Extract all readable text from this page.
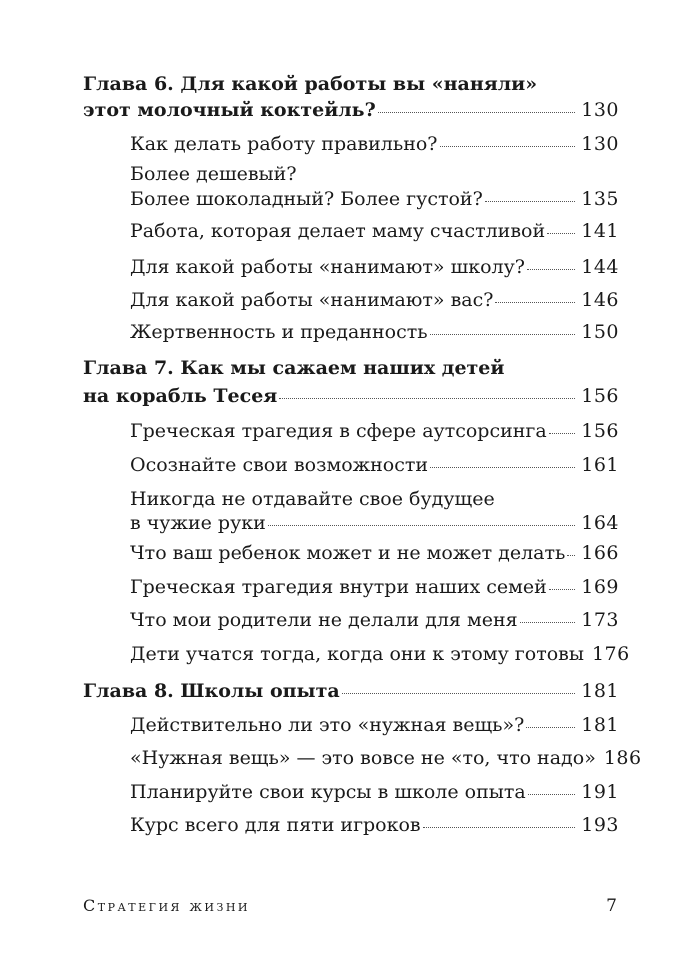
Глава 6.
Для какой работы вы «наняли»
этот молочный коктейль?	130
Как делать работу правильно?	130
Более дешевый?
Более шоколадный? Более густой?	135
Работа, которая делает маму счастливой 141
Для какой работы «нанимают» школу?	144
Для какой работы «нанимают» вас?	146
Жертвенность и преданность	150
Глава 7.
Как мы сажаем наших детей
на корабль Тесея	156
Греческая трагедия в сфере аутсорсинга 156
Осознайте свои возможности	161
Никогда не отдавайте свое будущее
в чужие руки	164
Что ваш ребенок может и не может делать 166
Греческая трагедия внутри наших семей 169
Что мои родители не делали для меня	173
Дети учатся тогда, когда они к этому готовы 176
Глава 8.
Школы опыта	181
Действительно ли это «нужная вещь»?	181
«Нужная вещь» — это вовсе не «то, что надо» 186
Планируйте свои курсы в школе опыта	191
Курс всего для пяти игроков	193
Стратегия жизни	7
